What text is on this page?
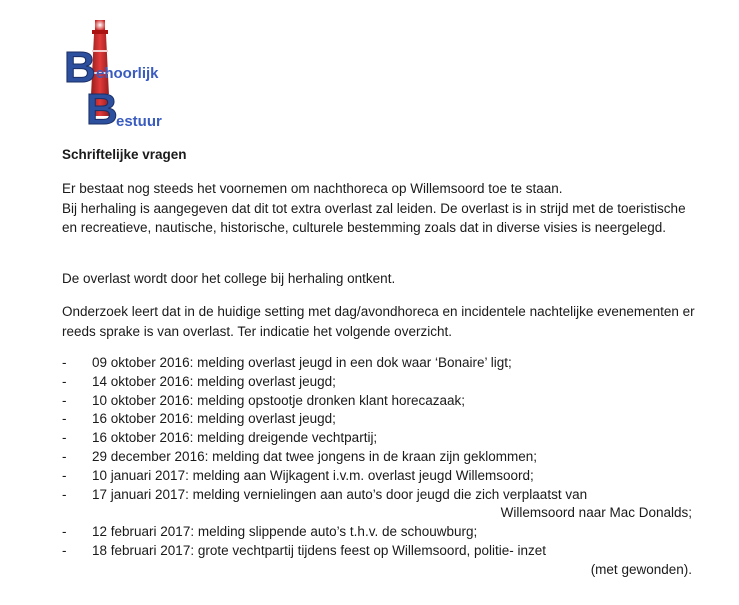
B ehoorlijk
B
estuur
Schriftelijke vragen
Er bestaat nog steeds het voornemen om nachthoreca op Willemsoord toe te staan.
Bij herhaling is aangegeven dat dit tot extra overlast zal leiden. De overlast is in strijd met de toeristische en recreatieve, nautische, historische, culturele bestemming zoals dat in diverse visies is neergelegd.

De overlast wordt door het college bij herhaling ontkent.

Onderzoek leert dat in de huidige setting met dag/avondhoreca en incidentele nachtelijke evenementen er reeds sprake is van overlast. Ter indicatie het volgende overzicht.

- 09 oktober 2016: melding overlast jeugd in een dok waar ‘Bonaire’ ligt;
- 14 oktober 2016: melding overlast jeugd;
- 10 oktober 2016: melding opstootje dronken klant horecazaak;
- 16 oktober 2016: melding overlast jeugd;
- 16 oktober 2016: melding dreigende vechtpartij;
- 29 december 2016: melding dat twee jongens in de kraan zijn geklommen;
- 10 januari 2017: melding aan Wijkagent i.v.m. overlast jeugd Willemsoord;
- 17 januari 2017: melding vernielingen aan auto’s door jeugd die zich verplaatst van
Willemsoord naar Mac Donalds;
- 12 februari 2017: melding slippende auto’s t.h.v. de schouwburg;
- 18 februari 2017: grote vechtpartij tijdens feest op Willemsoord, politie- inzet
(met gewonden).
